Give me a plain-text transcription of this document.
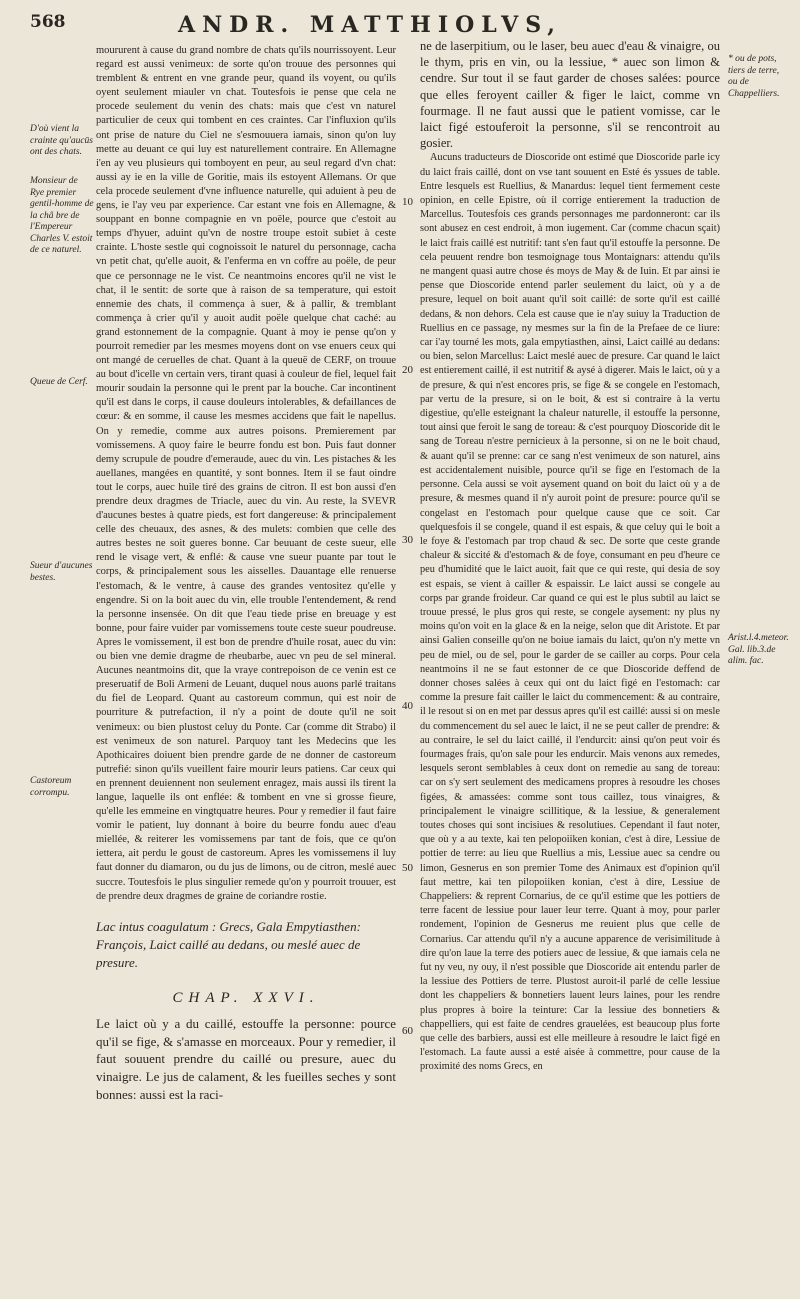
568	ANDR. MATTHIOLVS,
D'où vient la crainte qu'aucūs ont des chats.
Monsieur de Rye premier gentil-homme de la châ bre de l'Empereur Charles V. estoit de ce naturel.
Queue de Cerf.
Sueur d'aucunes bestes.
Castoreum corrompu.
* ou de pots, tiers de terre, ou de Chappelliers.
Arist.l.4.meteor. Gal. lib.3.de alim. fac.
10
20
30
40
50
60

moururent à cause du grand nombre de chats qu'ils nourrissoyent. Leur regard est aussi venimeux: de sorte qu'on trouue des personnes qui tremblent & entrent en vne grande peur, quand ils voyent, ou qu'ils oyent seulement miauler vn chat. Toutesfois ie pense que cela ne procede seulement du venin des chats: mais que c'est vn naturel particulier de ceux qui tombent en ces craintes. Car l'influxion qu'ils ont prise de nature du Ciel ne s'esmouuera iamais, sinon qu'on luy mette au deuant ce qui luy est naturellement contraire. En Allemagne i'en ay veu plusieurs qui tomboyent en peur, au seul regard d'vn chat: aussi ay ie en la ville de Goritie, mais ils estoyent Allemans. Or que cela procede seulement d'vne influence naturelle, qui aduient à peu de gens, ie l'ay veu par experience. Car estant vne fois en Allemagne, & souppant en bonne compagnie en vn poële, pource que c'estoit au temps d'hyuer, aduint qu'vn de nostre troupe estoit subiet à ceste crainte. L'hoste sestle qui cognoissoit le naturel du personnage, cacha vn petit chat, qu'elle auoit, & l'enferma en vn coffre au poële, de peur que ce personnage ne le vist. Ce neantmoins encores qu'il ne vist le chat, il le sentit: de sorte que à raison de sa temperature, qui estoit ennemie des chats, il commença à suer, & à pallir, & tremblant commença à crier qu'il y auoit audit poële quelque chat caché: au grand estonnement de la compagnie. Quant à moy ie pense qu'on y pourroit remedier par les mesmes moyens dont on vse enuers ceux qui ont mangé de ceruelles de chat. Quant à la queuë de CERF, on trouue au bout d'icelle vn certain vers, tirant quasi à couleur de fiel, lequel fait mourir soudain la personne qui le prent par la bouche. Car incontinent qu'il est dans le corps, il cause douleurs intolerables, & defaillances de cœur: & en somme, il cause les mesmes accidens que fait le napellus. On y remedie, comme aux autres poisons. Premierement par vomissemens. A quoy faire le beurre fondu est bon. Puis faut donner demy scrupule de poudre d'emeraude, auec du vin. Les pistaches & les auellanes, mangées en quantité, y sont bonnes. Item il se faut oindre tout le corps, auec huile tiré des grains de citron. Il est bon aussi d'en prendre deux dragmes de Triacle, auec du vin. Au reste, la SVEVR d'aucunes bestes à quatre pieds, est fort dangereuse: & principalement celle des cheuaux, des asnes, & des mulets: combien que celle des autres bestes ne soit gueres bonne. Car beuuant de ceste sueur, elle rend le visage vert, & enflé: & cause vne sueur puante par tout le corps, & principalement sous les aisselles. Dauantage elle renuerse l'estomach, & le ventre, à cause des grandes ventositez qu'elle y engendre. Si on la boit auec du vin, elle trouble l'entendement, & rend la personne insensée. On dit que l'eau tiede prise en breuage y est bonne, pour faire vuider par vomissemens toute ceste sueur poudreuse. Apres le vomissement, il est bon de prendre d'huile rosat, auec du vin: ou bien vne demie dragme de rheubarbe, auec vn peu de sel mineral. Aucunes neantmoins dit, que la vraye contrepoison de ce venin est ce preseruatif de Boli Armeni de Leuant, duquel nous auons parlé traitans du fiel de Leopard. Quant au castoreum commun, qui est noir de pourriture & putrefaction, il n'y a point de doute qu'il ne soit venimeux: ou bien plustost celuy du Ponte. Car (comme dit Strabo) il est venimeux de son naturel. Parquoy tant les Medecins que les Apothicaires doiuent bien prendre garde de ne donner de castoreum putrefié: sinon qu'ils vueillent faire mourir leurs patiens. Car ceux qui en prennent deuiennent non seulement enragez, mais aussi ils tirent la langue, laquelle ils ont enflée: & tombent en vne si grosse fieure, qu'elle les emmeine en vingtquatre heures. Pour y remedier il faut faire vomir le patient, luy donnant à boire du beurre fondu auec d'eau miellée, & reiterer les vomissemens par tant de fois, que ce qu'on iettera, ait perdu le goust de castoreum. Apres les vomissemens il luy faut donner du diamaron, ou du jus de limons, ou de citron, meslé auec succre. Toutesfois le plus singulier remede qu'on y pourroit trouuer, est de prendre deux dragmes de graine de coriandre rostie.

Lac intus coagulatum : Grecs, Gala Empytiasthen:

François, Laict caillé au dedans, ou meslé auec de presure.

CHAP. XXVI.

Le laict où y a du caillé, estouffe la personne: pource qu'il se fige, & s'amasse en morceaux. Pour y remedier, il faut souuent prendre du caillé ou presure, auec du vinaigre. Le jus de calament, & les fueilles seches y sont bonnes: aussi est la raci-

ne de laserpitium, ou le laser, beu auec d'eau & vinaigre, ou le thym, pris en vin, ou la lessiue, * auec son limon & cendre. Sur tout il se faut garder de choses salées: pource que elles feroyent cailler & figer le laict, comme vn fourmage. Il ne faut aussi que le patient vomisse, car le laict figé estouferoit la personne, s'il se rencontroit au gosier.

Aucuns traducteurs de Dioscoride ont estimé que Dioscoride parle icy du laict frais caillé, dont on vse tant souuent en Esté és yssues de table. Entre lesquels est Ruellius, & Manardus: lequel tient fermement ceste opinion, en celle Epistre, où il corrige entierement la traduction de Marcellus. Toutesfois ces grands personnages me pardonneront: car ils sont abusez en cest endroit, à mon iugement. Car (comme chacun sçait) le laict frais caillé est nutritif: tant s'en faut qu'il estouffe la personne. De cela peuuent rendre bon tesmoignage tous Montaignars: attendu qu'ils ne mangent quasi autre chose és moys de May & de Iuin. Et par ainsi ie pense que Dioscoride entend parler seulement du laict, où y a de presure, lequel on boit auant qu'il soit caillé: de sorte qu'il est caillé dedans, & non dehors. Cela est cause que ie n'ay suiuy la Traduction de Ruellius en ce passage, ny mesmes sur la fin de la Prefaee de ce liure: car i'ay tourné les mots, gala empytiasthen, ainsi, Laict caillé au dedans: ou bien, selon Marcellus: Laict meslé auec de presure. Car quand le laict est entierement caillé, il est nutritif & aysé à digerer. Mais le laict, où y a de presure, & qui n'est encores pris, se fige & se congele en l'estomach, par vertu de la presure, si on le boit, & est si contraire à la vertu digestiue, qu'elle esteignant la chaleur naturelle, il estouffe la personne, tout ainsi que feroit le sang de toreau: & c'est pourquoy Dioscoride dit le sang de Toreau n'estre pernicieux à la personne, si on ne le boit chaud, & auant qu'il se prenne: car ce sang n'est venimeux de son naturel, ains est accidentalement nuisible, pource qu'il se fige en l'estomach de la personne. Cela aussi se voit aysement quand on boit du laict où y a de presure, & mesmes quand il n'y auroit point de presure: pource qu'il se congelast en l'estomach pour quelque cause que ce soit. Car quelquesfois il se congele, quand il est espais, & que celuy qui le boit a le foye & l'estomach par trop chaud & sec. De sorte que ceste grande chaleur & siccité & d'estomach & de foye, consumant en peu d'heure ce peu d'humidité que le laict auoit, fait que ce qui reste, qui desia de soy est espais, se vient à cailler & espaissir. Le laict aussi se congele au corps par grande froideur. Car quand ce qui est le plus subtil au laict se trouue pressé, le plus gros qui reste, se congele aysement: ny plus ny moins qu'on voit en la glace & en la neige, selon que dit Aristote. Et par ainsi Galien conseille qu'on ne boiue iamais du laict, qu'on n'y mette vn peu de miel, ou de sel, pour le garder de se cailler au corps. Pour cela neantmoins il ne se faut estonner de ce que Dioscoride deffend de donner choses salées à ceux qui ont du laict figé en l'estomach: car comme la presure fait cailler le laict du commencement: & au contraire, il le resout si on en met par dessus apres qu'il est caillé: aussi si on mesle du commencement du sel auec le laict, il ne se peut caller de prendre: & au contraire, le sel du laict caillé, il l'endurcit: ainsi qu'on peut voir és fourmages frais, qu'on sale pour les endurcir. Mais venons aux remedes, lesquels seront semblables à ceux dont on remedie au sang de toreau: car on s'y sert seulement des medicamens propres à resoudre les choses figées, & amassées: comme sont tous caillez, tous vinaigres, & principalement le vinaigre scillitique, & la lessiue, & generalement toutes choses qui sont incisiues & resolutiues. Cependant il faut noter, que où y a au texte, kai ten pelopoiiken konian, c'est à dire, Lessiue de pottier de terre: au lieu que Ruellius a mis, Lessiue auec sa cendre ou limon, Gesnerus en son premier Tome des Animaux est d'opinion qu'il faut mettre, kai ten pilopoiiken konian, c'est à dire, Lessiue de Chappeliers: & reprent Cornarius, de ce qu'il estime que les pottiers de terre facent de lessiue pour lauer leur terre. Quant à moy, pour parler rondement, l'opinion de Gesnerus me reuient plus que celle de Cornarius. Car attendu qu'il n'y a aucune apparence de verisimilitude à dire qu'on laue la terre des potiers auec de lessiue, & que iamais cela ne fut ny veu, ny ouy, il n'est possible que Dioscoride ait entendu parler de la lessiue des Pottiers de terre. Plustost auroit-il parlé de celle lessiue dont les chappeliers & bonnetiers lauent leurs laines, pour les rendre plus propres à boire la teinture: Car la lessiue des bonnetiers & chappelliers, qui est faite de cendres grauelées, est beaucoup plus forte que celle des barbiers, aussi est elle meilleure à resoudre le laict figé en l'estomach. La faute aussi a esté aisée à commettre, pour cause de la proximité des noms Grecs, en
